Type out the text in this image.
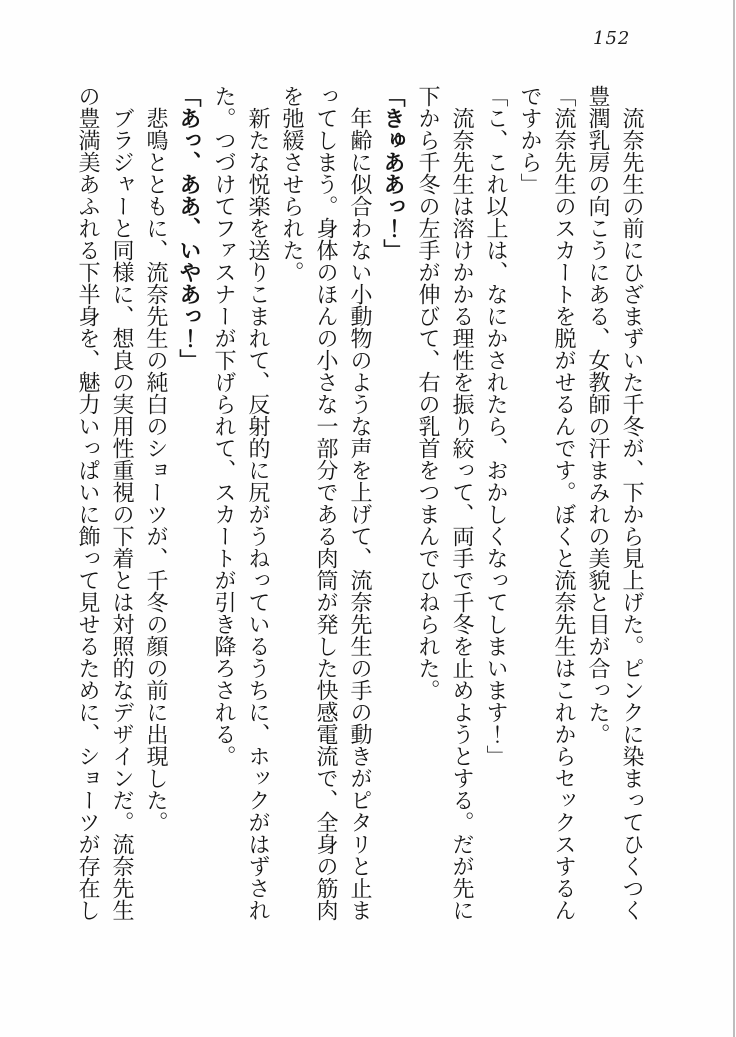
152

流奈先生の前にひざまずいた千冬が、下から見上げた。ピンクに染まってひくつく

豊潤乳房の向こうにある、女教師の汗まみれの美貌と目が合った。

「流奈先生のスカートを脱がせるんです。ぼくと流奈先生はこれからセックスするん

ですから」

「こ、これ以上は、なにかされたら、おかしくなってしまいます！」

流奈先生は溶けかかる理性を振り絞って、両手で千冬を止めようとする。だが先に

下から千冬の左手が伸びて、右の乳首をつまんでひねられた。

「きゅああっ！」

年齢に似合わない小動物のような声を上げて、流奈先生の手の動きがピタリと止ま

ってしまう。身体のほんの小さな一部分である肉筒が発した快感電流で、全身の筋肉

を弛緩させられた。

新たな悦楽を送りこまれて、反射的に尻がうねっているうちに、ホックがはずされ

た。つづけてファスナーが下げられて、スカートが引き降ろされる。

「あっ、ああ、いやあっ！」

悲鳴とともに、流奈先生の純白のショーツが、千冬の顔の前に出現した。

ブラジャーと同様に、想良の実用性重視の下着とは対照的なデザインだ。流奈先生

の豊満美あふれる下半身を、魅力いっぱいに飾って見せるために、ショーツが存在し
